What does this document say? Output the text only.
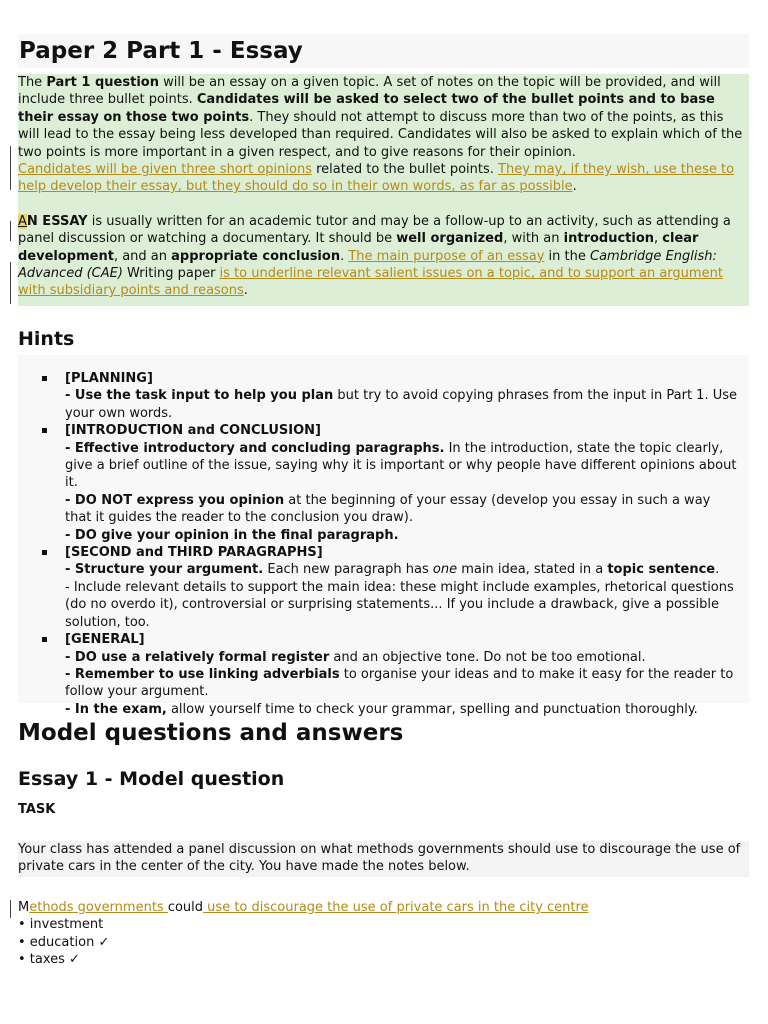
Paper 2 Part 1 - Essay

The Part 1 question will be an essay on a given topic. A set of notes on the topic will be provided, and will include three bullet points. Candidates will be asked to select two of the bullet points and to base their essay on those two points. They should not attempt to discuss more than two of the points, as this will lead to the essay being less developed than required. Candidates will also be asked to explain which of the two points is more important in a given respect, and to give reasons for their opinion.
Candidates will be given three short opinions related to the bullet points. They may, if they wish, use these to help develop their essay, but they should do so in their own words, as far as possible.

AN ESSAY is usually written for an academic tutor and may be a follow-up to an activity, such as attending a panel discussion or watching a documentary. It should be well organized, with an introduction, clear development, and an appropriate conclusion. The main purpose of an essay in the Cambridge English: Advanced (CAE) Writing paper is to underline relevant salient issues on a topic, and to support an argument with subsidiary points and reasons.

Hints
[PLANNING]
- Use the task input to help you plan but try to avoid copying phrases from the input in Part 1. Use your own words.
[INTRODUCTION and CONCLUSION]
- Effective introductory and concluding paragraphs. In the introduction, state the topic clearly, give a brief outline of the issue, saying why it is important or why people have different opinions about it.
- DO NOT express you opinion at the beginning of your essay (develop you essay in such a way that it guides the reader to the conclusion you draw).
- DO give your opinion in the final paragraph.
[SECOND and THIRD PARAGRAPHS]
- Structure your argument. Each new paragraph has one main idea, stated in a topic sentence.
- Include relevant details to support the main idea: these might include examples, rhetorical questions (do no overdo it), controversial or surprising statements... If you include a drawback, give a possible solution, too.
[GENERAL]
- DO use a relatively formal register and an objective tone. Do not be too emotional.
- Remember to use linking adverbials to organise your ideas and to make it easy for the reader to follow your argument.
- In the exam, allow yourself time to check your grammar, spelling and punctuation thoroughly.
Model questions and answers
Essay 1 - Model question
TASK

Your class has attended a panel discussion on what methods governments should use to discourage the use of private cars in the center of the city. You have made the notes below.

Methods governments could use to discourage the use of private cars in the city centre
• investment
• education ✓
• taxes ✓
